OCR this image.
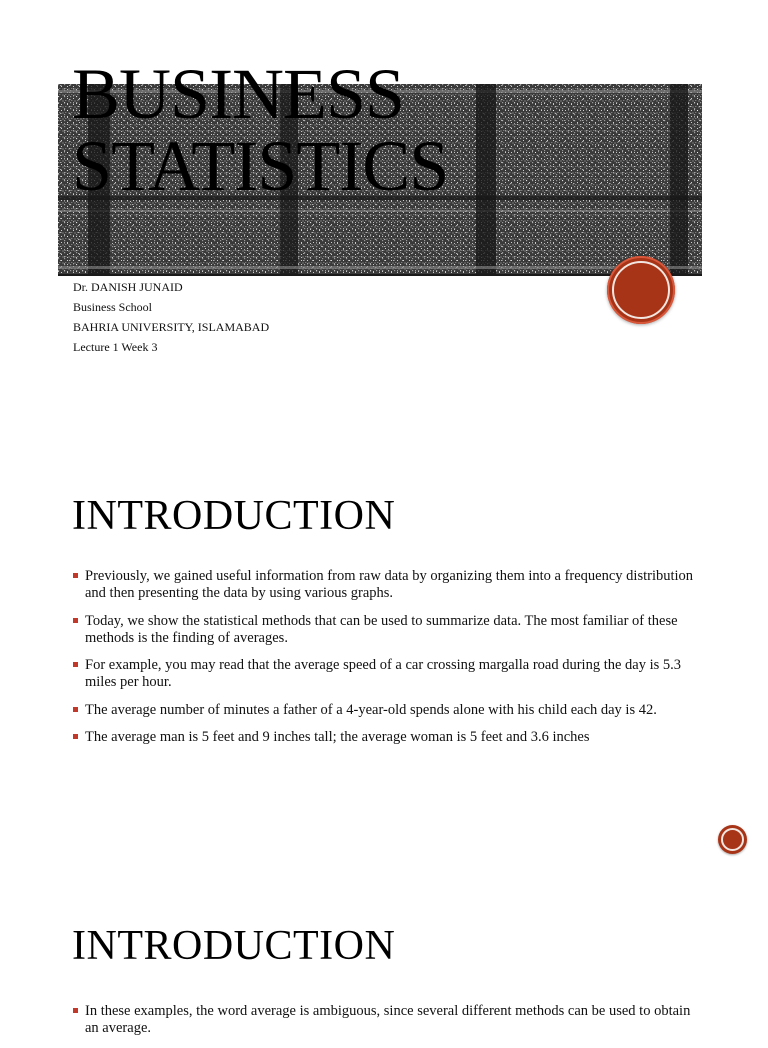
BUSINESS
STATISTICS
Dr. DANISH JUNAID
Business School
BAHRIA UNIVERSITY, ISLAMABAD
Lecture 1 Week 3
INTRODUCTION
Previously, we gained useful information from raw data by organizing them into a frequency distribution and then presenting the data by using various graphs.
Today, we show the statistical methods that can be used to summarize data. The most familiar of these methods is the finding of averages.
For example, you may read that the average speed of a car crossing margalla road during the day is 5.3 miles per hour.
The average number of minutes a father of a 4-year-old spends alone with his child each day is 42.
The average man is 5 feet and 9 inches tall; the average woman is 5 feet and 3.6 inches
INTRODUCTION
In these examples, the word average is ambiguous, since several different methods can be used to obtain an average.
